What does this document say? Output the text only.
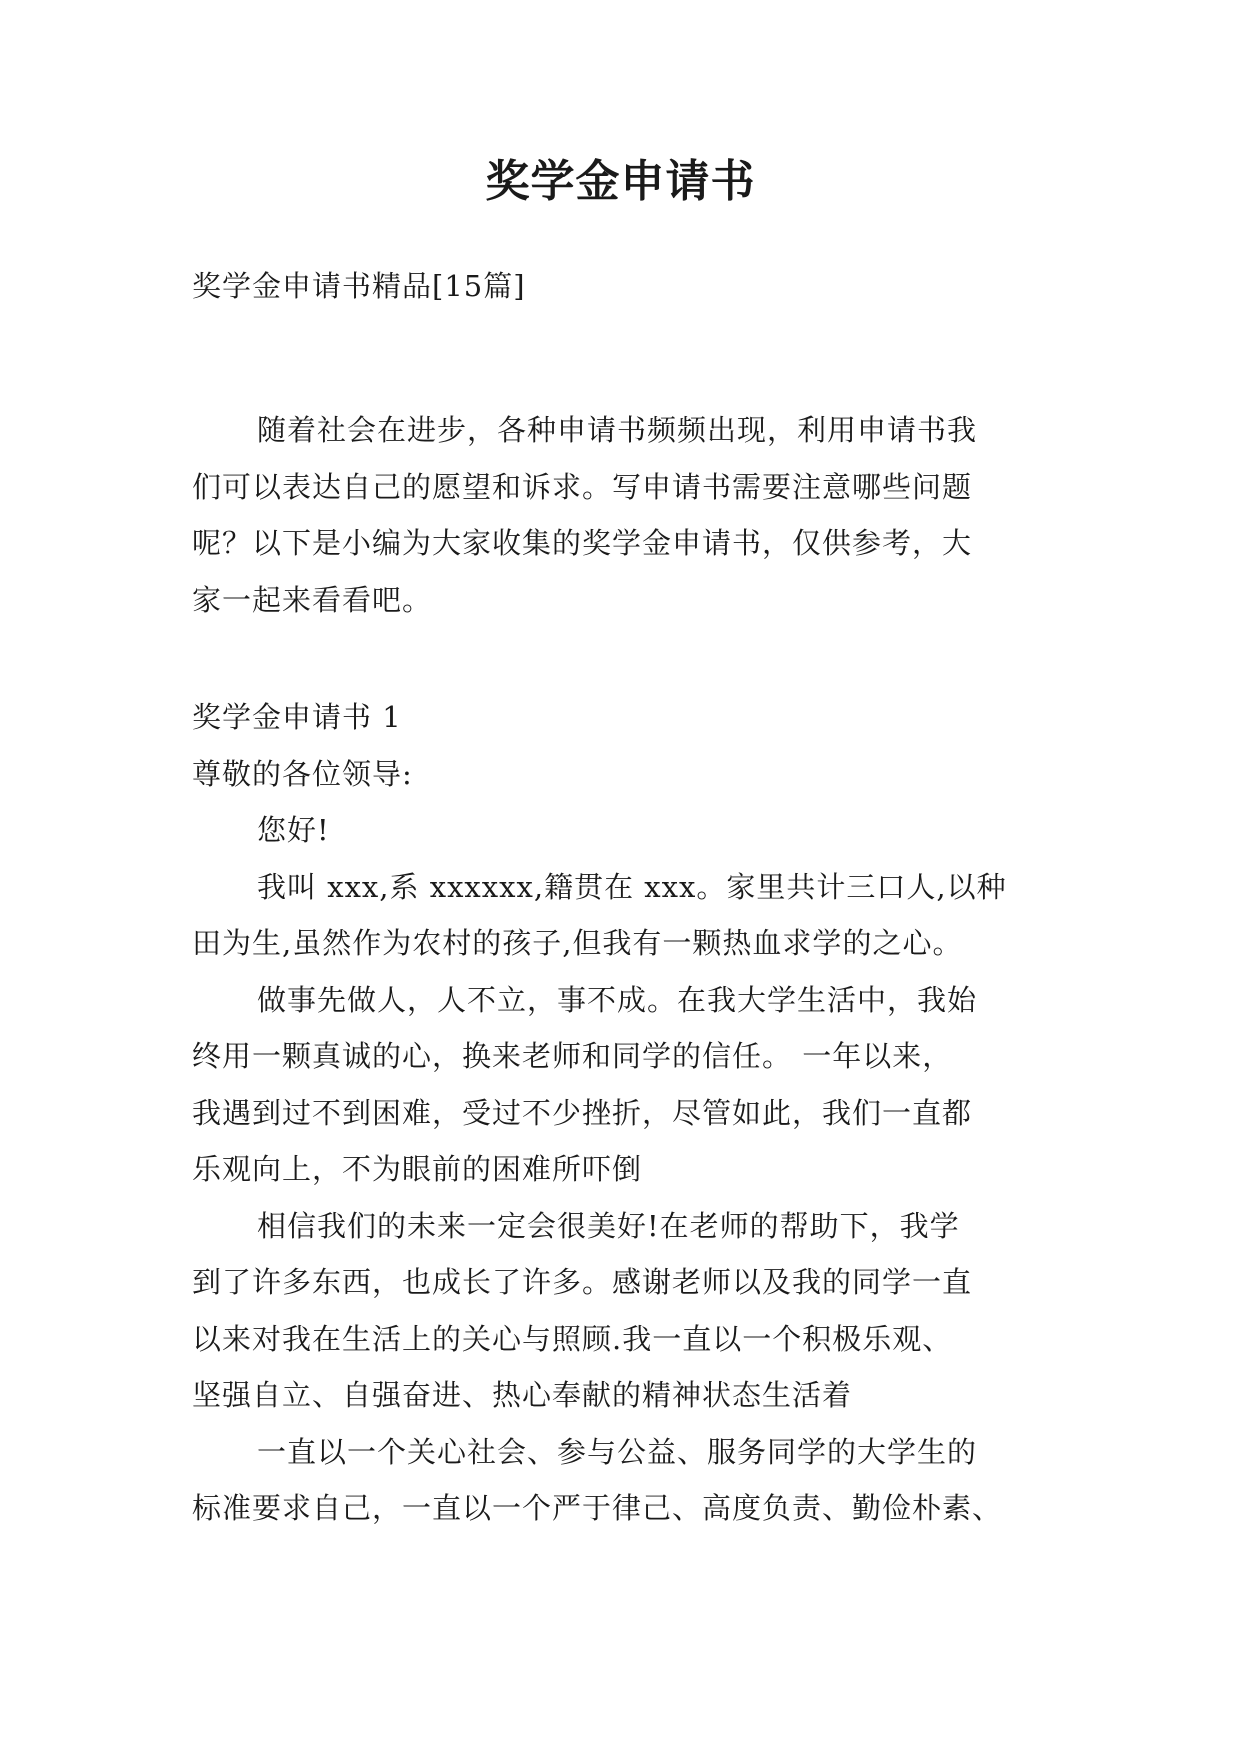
奖学金申请书
奖学金申请书精品[15篇]
随着社会在进步，各种申请书频频出现，利用申请书我
们可以表达自己的愿望和诉求。写申请书需要注意哪些问题
呢？以下是小编为大家收集的奖学金申请书，仅供参考，大
家一起来看看吧。
奖学金申请书 1
尊敬的各位领导:
您好!
我叫 xxx,系 xxxxxx,籍贯在 xxx。家里共计三口人,以种
田为生,虽然作为农村的孩子,但我有一颗热血求学的之心。
做事先做人，人不立，事不成。在我大学生活中，我始
终用一颗真诚的心，换来老师和同学的信任。 一年以来，
我遇到过不到困难，受过不少挫折，尽管如此，我们一直都
乐观向上，不为眼前的困难所吓倒
相信我们的未来一定会很美好!在老师的帮助下，我学
到了许多东西，也成长了许多。感谢老师以及我的同学一直
以来对我在生活上的关心与照顾.我一直以一个积极乐观、
坚强自立、自强奋进、热心奉献的精神状态生活着
一直以一个关心社会、参与公益、服务同学的大学生的
标准要求自己，一直以一个严于律己、高度负责、勤俭朴素、
